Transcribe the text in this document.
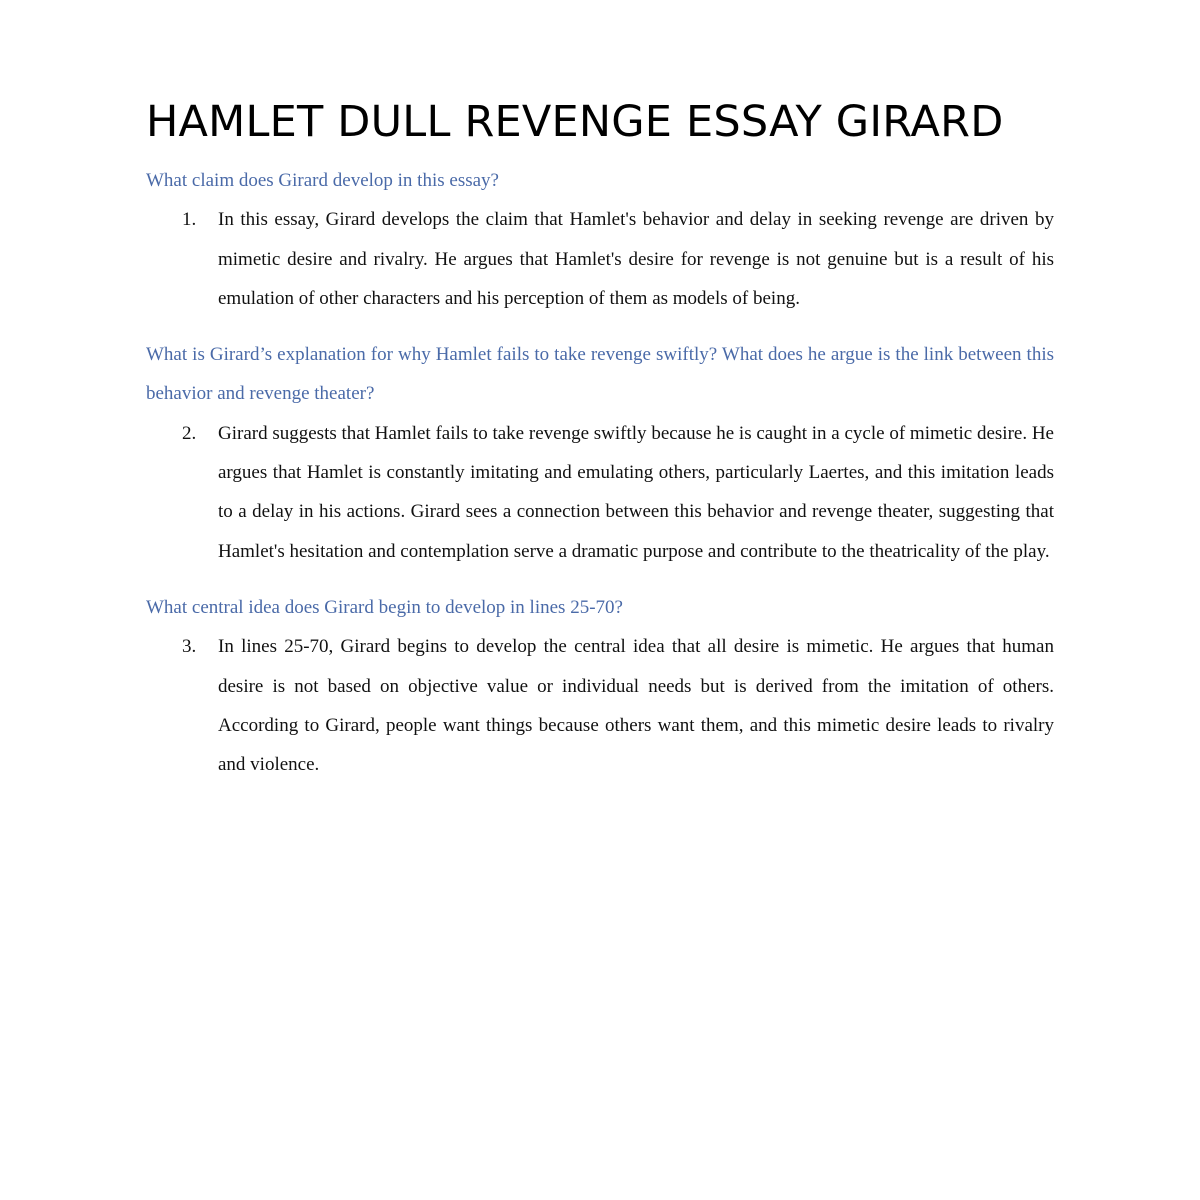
HAMLET DULL REVENGE ESSAY GIRARD

What claim does Girard develop in this essay?

1. In this essay, Girard develops the claim that Hamlet's behavior and delay in seeking revenge are driven by mimetic desire and rivalry. He argues that Hamlet's desire for revenge is not genuine but is a result of his emulation of other characters and his perception of them as models of being.

What is Girard’s explanation for why Hamlet fails to take revenge swiftly? What does he argue is the link between this behavior and revenge theater?

2. Girard suggests that Hamlet fails to take revenge swiftly because he is caught in a cycle of mimetic desire. He argues that Hamlet is constantly imitating and emulating others, particularly Laertes, and this imitation leads to a delay in his actions. Girard sees a connection between this behavior and revenge theater, suggesting that Hamlet's hesitation and contemplation serve a dramatic purpose and contribute to the theatricality of the play.

What central idea does Girard begin to develop in lines 25-70?

3. In lines 25-70, Girard begins to develop the central idea that all desire is mimetic. He argues that human desire is not based on objective value or individual needs but is derived from the imitation of others. According to Girard, people want things because others want them, and this mimetic desire leads to rivalry and violence.
